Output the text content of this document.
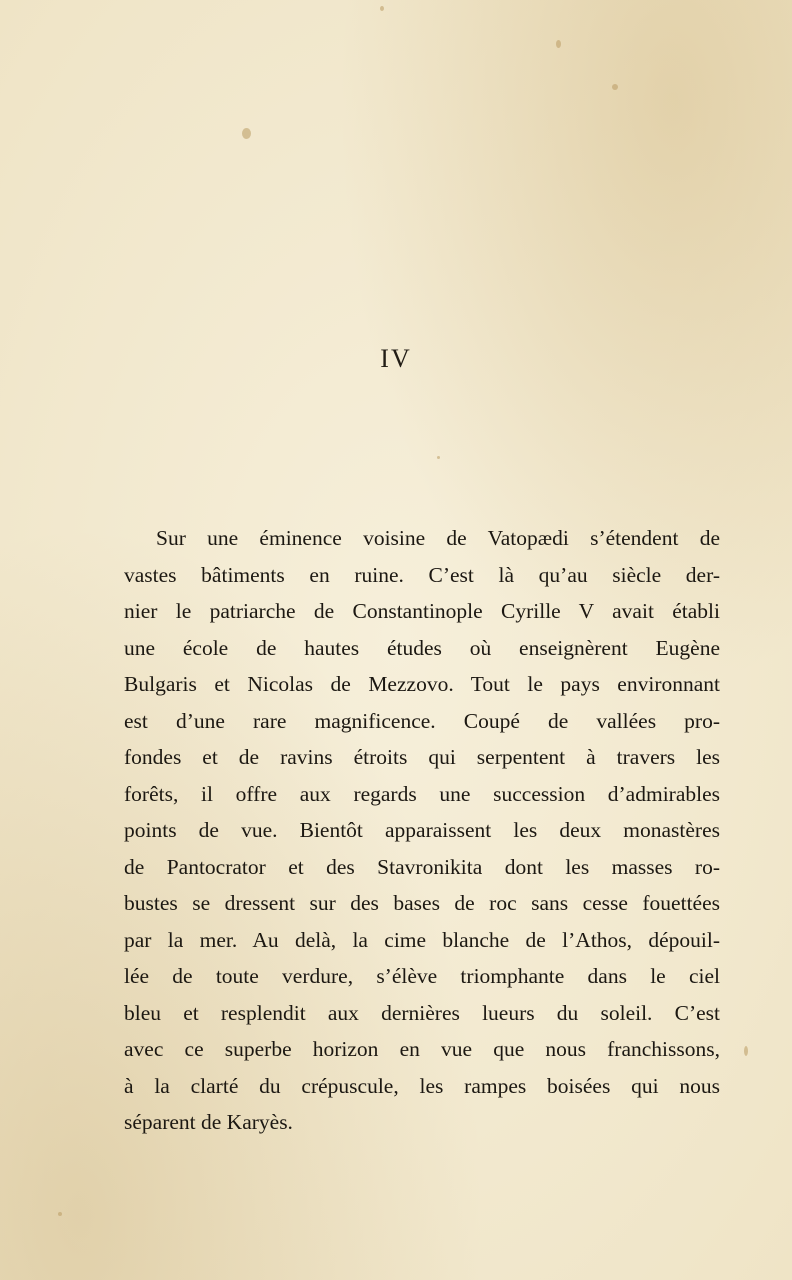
IV
Sur une éminence voisine de Vatopædi s’étendent de
vastes bâtiments en ruine. C’est là qu’au siècle der-
nier le patriarche de Constantinople Cyrille V avait établi
une école de hautes études où enseignèrent Eugène
Bulgaris et Nicolas de Mezzovo. Tout le pays environnant
est d’une rare magnificence. Coupé de vallées pro-
fondes et de ravins étroits qui serpentent à travers les
forêts, il offre aux regards une succession d’admirables
points de vue. Bientôt apparaissent les deux monastères
de Pantocrator et des Stavronikita dont les masses ro-
bustes se dressent sur des bases de roc sans cesse fouettées
par la mer. Au delà, la cime blanche de l’Athos, dépouil-
lée de toute verdure, s’élève triomphante dans le ciel
bleu et resplendit aux dernières lueurs du soleil. C’est
avec ce superbe horizon en vue que nous franchissons,
à la clarté du crépuscule, les rampes boisées qui nous
séparent de Karyès.
